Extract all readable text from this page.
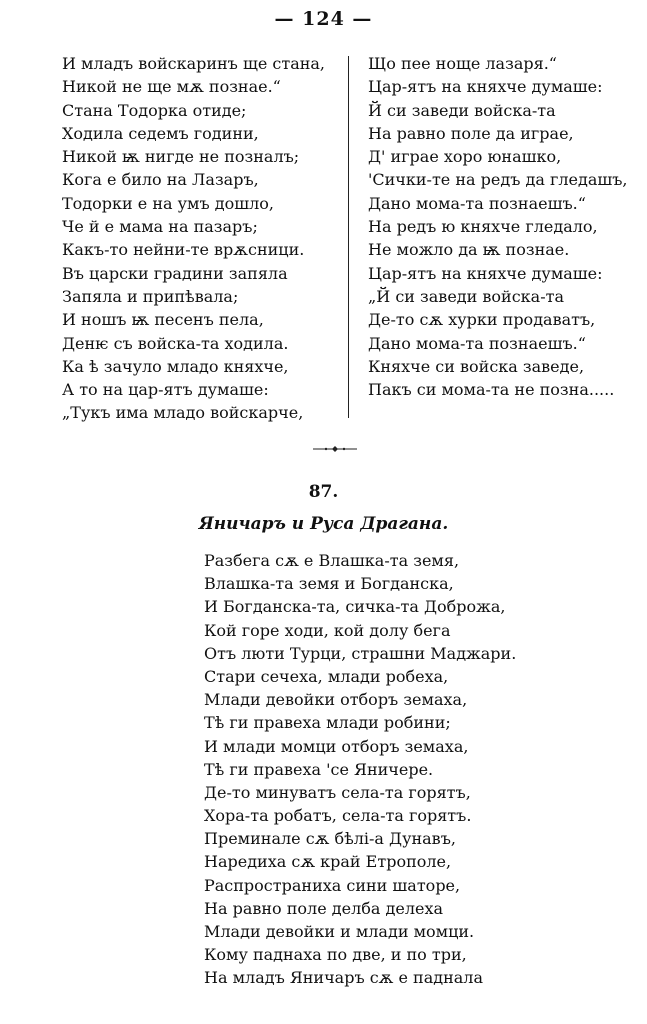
— 124 —
И младъ войскаринъ ще стана,
Никой не ще мѫ познае.“
Стана Тодорка отиде;
Ходила седемъ години,
Никой ѭ нигде не позналъ;
Кога е било на Лазаръ,
Тодорки е на умъ дошло,
Че й е мама на пазаръ;
Какъ-то нейни-те врѫсници.
Въ царски градини запяла
Запяла и припѣвала;
И ношъ ѭ песенъ пела,
Денѥ съ войска-та ходила.
Ка ѣ зачуло младо княхче,
А то на цар-ятъ думаше:
„Тукъ има младо войскарче,
Що пее ноще лазаря.“
Цар-ятъ на княхче думаше:
Й си заведи войска-та
На равно поле да играе,
Д' играе хоро юнашко,
'Сички-те на редъ да гледашъ,
Дано мома-та познаешъ.“
На редъ ю княхче гледало,
Не можло да ѭ познае.
Цар-ятъ на княхче думаше:
„Й си заведи войска-та
Де-то сѫ хурки продаватъ,
Дано мома-та познаешъ.“
Княхче си войска заведе,
Пакъ си мома-та не позна.....
87.
Яничаръ и Руса Драгана.
Разбега сѫ е Влашка-та земя,
Влашка-та земя и Богданска,
И Богданска-та, сичка-та Доброжа,
Кой горе ходи, кой долу бега
Отъ люти Турци, страшни Маджари.
Стари сечеха, млади робеха,
Млади девойки отборъ земаха,
Тѣ ги правеха млади робини;
И млади момци отборъ земаха,
Тѣ ги правеха 'се Яничере.
Де-то минуватъ села-та горятъ,
Хора-та робатъ, села-та горятъ.
Преминале сѫ бѣлі-а Дунавъ,
Наредиха сѫ край Етрополе,
Распространиха сини шаторе,
На равно поле делба делеха
Млади девойки и млади момци.
Кому паднаха по две, и по три,
На младъ Яничаръ сѫ е паднала
